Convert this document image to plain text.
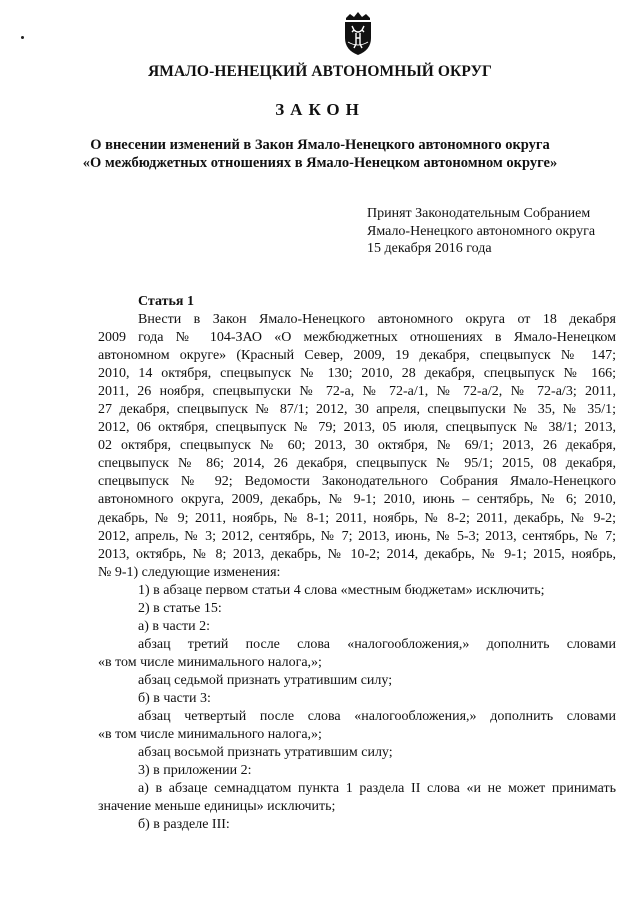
ЯМАЛО-НЕНЕЦКИЙ АВТОНОМНЫЙ ОКРУГ
ЗАКОН
О внесении изменений в Закон Ямало-Ненецкого автономного округа
«О межбюджетных отношениях в Ямало-Ненецком автономном округе»
Принят Законодательным Собранием
Ямало-Ненецкого автономного округа
15 декабря 2016 года
Статья 1

Внести в Закон Ямало-Ненецкого автономного округа от 18 декабря

2009 года № 104-ЗАО «О межбюджетных отношениях в Ямало-Ненецком

автономном округе» (Красный Север, 2009, 19 декабря, спецвыпуск № 147;

2010, 14 октября, спецвыпуск № 130; 2010, 28 декабря, спецвыпуск № 166;

2011, 26 ноября, спецвыпуски № 72-а, № 72-а/1, № 72-а/2, № 72-а/3; 2011,

27 декабря, спецвыпуск № 87/1; 2012, 30 апреля, спецвыпуски № 35, № 35/1;

2012, 06 октября, спецвыпуск № 79; 2013, 05 июля, спецвыпуск № 38/1; 2013,

02 октября, спецвыпуск № 60; 2013, 30 октября, № 69/1; 2013, 26 декабря,

спецвыпуск № 86; 2014, 26 декабря, спецвыпуск № 95/1; 2015, 08 декабря,

спецвыпуск № 92; Ведомости Законодательного Собрания Ямало-Ненецкого

автономного округа, 2009, декабрь, № 9-1; 2010, июнь – сентябрь, № 6; 2010,

декабрь, № 9; 2011, ноябрь, № 8-1; 2011, ноябрь, № 8-2; 2011, декабрь, № 9-2;

2012, апрель, № 3; 2012, сентябрь, № 7; 2013, июнь, № 5-3; 2013, сентябрь, № 7;

2013, октябрь, № 8; 2013, декабрь, № 10-2; 2014, декабрь, № 9-1; 2015, ноябрь,

№ 9-1) следующие изменения:

1) в абзаце первом статьи 4 слова «местным бюджетам» исключить;

2) в статье 15:

а) в части 2:

абзац третий после слова «налогообложения,» дополнить словами

«в том числе минимального налога,»;

абзац седьмой признать утратившим силу;

б) в части 3:

абзац четвертый после слова «налогообложения,» дополнить словами

«в том числе минимального налога,»;

абзац восьмой признать утратившим силу;

3) в приложении 2:

а) в абзаце семнадцатом пункта 1 раздела II слова «и не может принимать

значение меньше единицы» исключить;

б) в разделе III:
